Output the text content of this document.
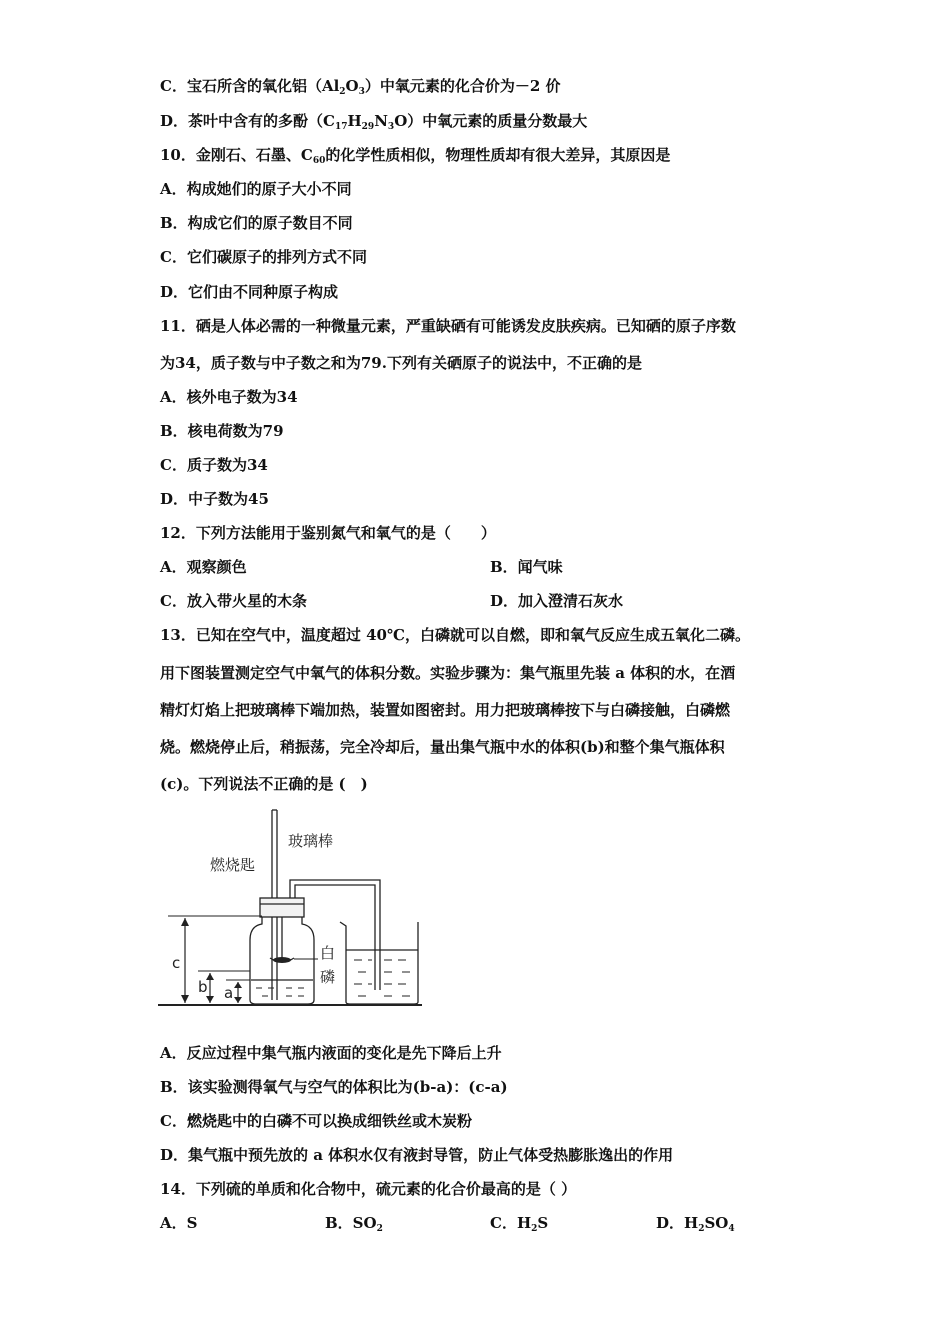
C．宝石所含的氧化铝$(Al_2O_3)$中氧元素的化合价为－2 价
D．茶叶中含有的多酚$(C_{17}H_{29}N_3O)$中氧元素的质量分数最大
10．金刚石、石墨、$C_{60}$的化学性质相似，物理性质却有很大差异，其原因是
A．构成她们的原子大小不同
B．构成它们的原子数目不同
C．它们碳原子的排列方式不同
D．它们由不同种原子构成
11．硒是人体必需的一种微量元素，严重缺硒有可能诱发皮肤疾病。已知硒的原子序数
为34，质子数与中子数之和为79.下列有关硒原子的说法中，不正确的是
A．核外电子数为34
B．核电荷数为79
C．质子数为34
D．中子数为45
12．下列方法能用于鉴别氮气和氧气的是（　　）
A．观察颜色	B．闻气味
C．放入带火星的木条	D．加入澄清石灰水
13．已知在空气中，温度超过 40℃，白磷就可以自燃，即和氧气反应生成五氧化二磷。
用下图装置测定空气中氧气的体积分数。实验步骤为：集气瓶里先装 a 体积的水，在酒
精灯灯焰上把玻璃棒下端加热，装置如图密封。用力把玻璃棒按下与白磷接触，白磷燃
烧。燃烧停止后，稍振荡，完全冷却后，量出集气瓶中水的体积(b)和整个集气瓶体积
(c)。下列说法不正确的是 (　)
玻璃棒
燃烧匙
白
磷
c
b a
A．反应过程中集气瓶内液面的变化是先下降后上升
B．该实验测得氧气与空气的体积比为(b-a)：(c-a)
C．燃烧匙中的白磷不可以换成细铁丝或木炭粉
D．集气瓶中预先放的 a 体积水仅有液封导管，防止气体受热膨胀逸出的作用
14．下列硫的单质和化合物中，硫元素的化合价最高的是（ ）
A．S	B．$SO_2$	C．$H_2S$	D．$H_2SO_4$
